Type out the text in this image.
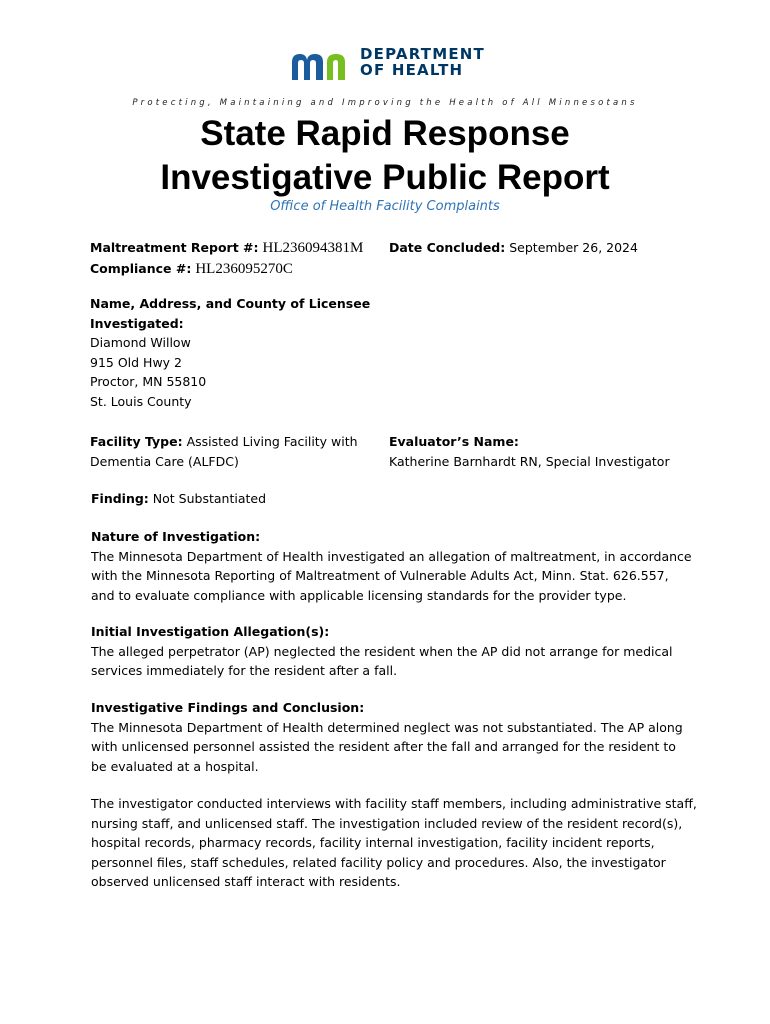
DEPARTMENT
OF HEALTH
Protecting, Maintaining and Improving the Health of All Minnesotans
State Rapid Response
Investigative Public Report
Office of Health Facility Complaints
Maltreatment Report #: HL236094381M
Compliance #: HL236095270C
Date Concluded: September 26, 2024
Name, Address, and County of Licensee
Investigated:
Diamond Willow
915 Old Hwy 2
Proctor, MN 55810
St. Louis County
Facility Type: Assisted Living Facility with
Dementia Care (ALFDC)
Evaluator’s Name:
Katherine Barnhardt RN, Special Investigator
Finding: Not Substantiated
Nature of Investigation:
The Minnesota Department of Health investigated an allegation of maltreatment, in accordance
with the Minnesota Reporting of Maltreatment of Vulnerable Adults Act, Minn. Stat. 626.557,
and to evaluate compliance with applicable licensing standards for the provider type.
Initial Investigation Allegation(s):
The alleged perpetrator (AP) neglected the resident when the AP did not arrange for medical
services immediately for the resident after a fall.
Investigative Findings and Conclusion:
The Minnesota Department of Health determined neglect was not substantiated. The AP along
with unlicensed personnel assisted the resident after the fall and arranged for the resident to
be evaluated at a hospital.
The investigator conducted interviews with facility staff members, including administrative staff,
nursing staff, and unlicensed staff. The investigation included review of the resident record(s),
hospital records, pharmacy records, facility internal investigation, facility incident reports,
personnel files, staff schedules, related facility policy and procedures. Also, the investigator
observed unlicensed staff interact with residents.
